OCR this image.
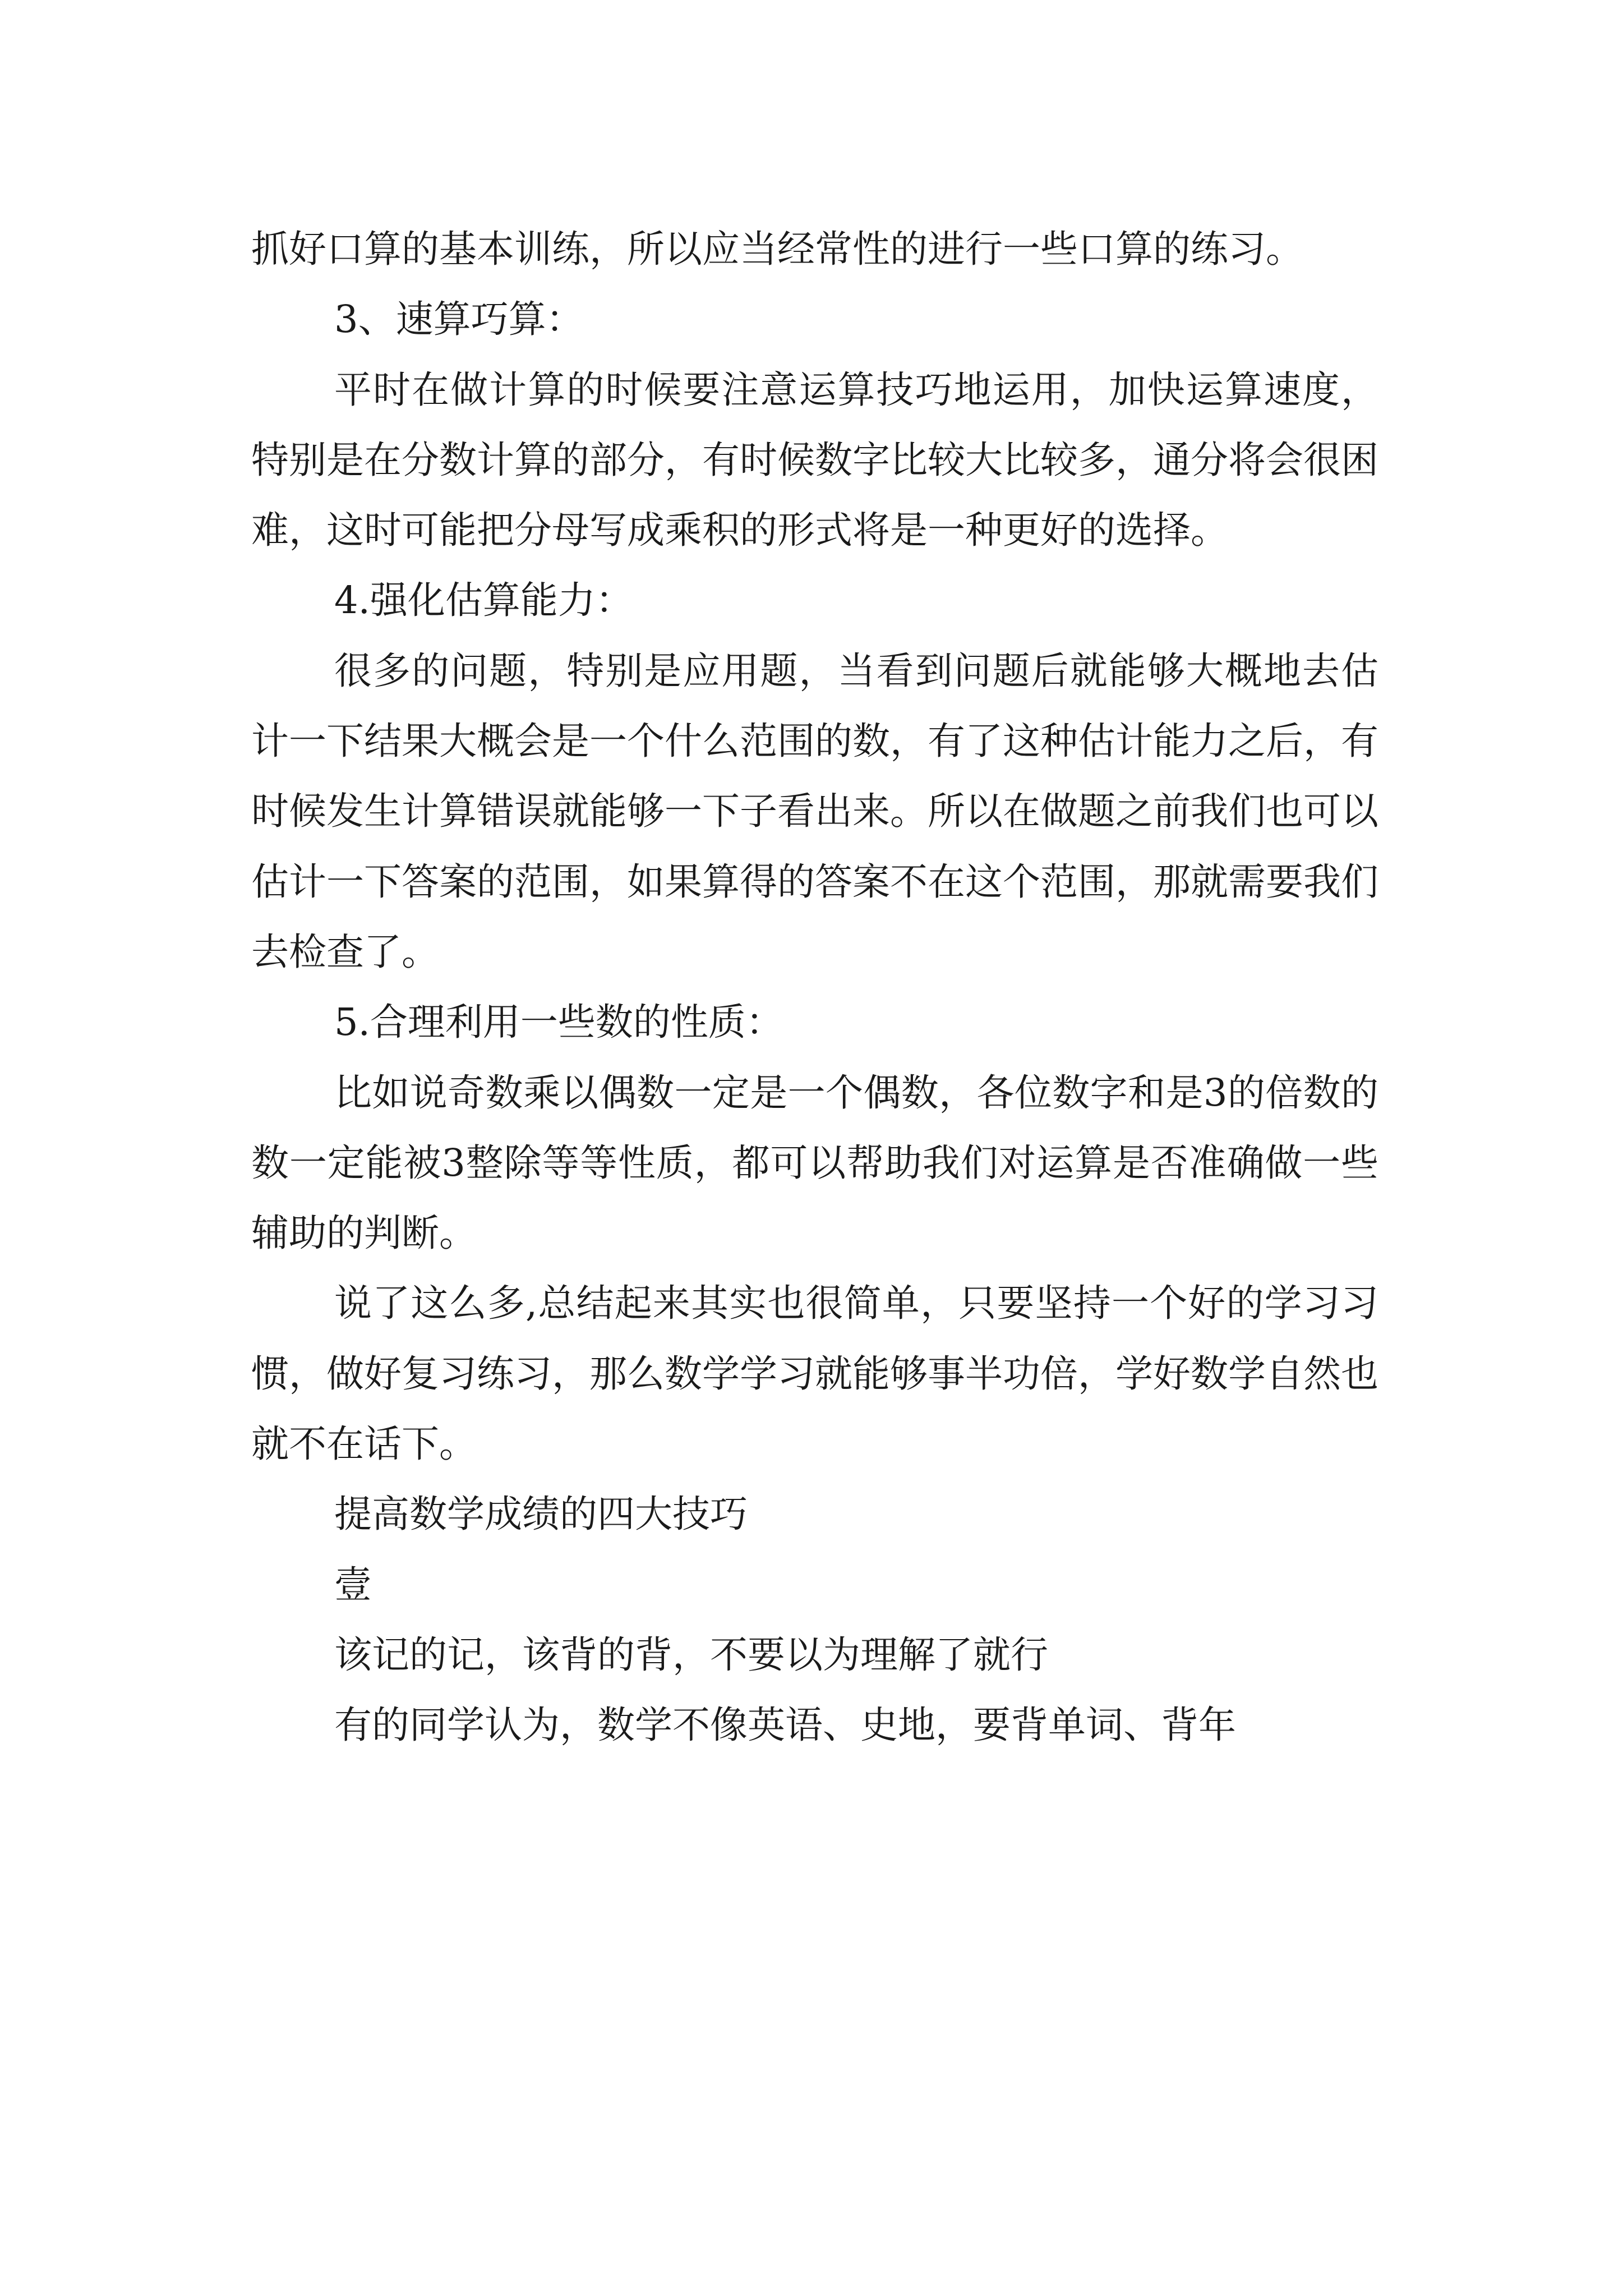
抓好口算的基本训练，所以应当经常性的进行一些口算的练习。

3、速算巧算：

平时在做计算的时候要注意运算技巧地运用，加快运算速度，特别是在分数计算的部分，有时候数字比较大比较多，通分将会很困难，这时可能把分母写成乘积的形式将是一种更好的选择。

4.强化估算能力：

很多的问题，特别是应用题，当看到问题后就能够大概地去估计一下结果大概会是一个什么范围的数，有了这种估计能力之后，有时候发生计算错误就能够一下子看出来。所以在做题之前我们也可以估计一下答案的范围，如果算得的答案不在这个范围，那就需要我们去检查了。

5.合理利用一些数的性质：

比如说奇数乘以偶数一定是一个偶数，各位数字和是3的倍数的数一定能被3整除等等性质，都可以帮助我们对运算是否准确做一些辅助的判断。

说了这么多,总结起来其实也很简单，只要坚持一个好的学习习惯，做好复习练习，那么数学学习就能够事半功倍，学好数学自然也就不在话下。

提高数学成绩的四大技巧

壹

该记的记，该背的背，不要以为理解了就行

有的同学认为，数学不像英语、史地，要背单词、背年
